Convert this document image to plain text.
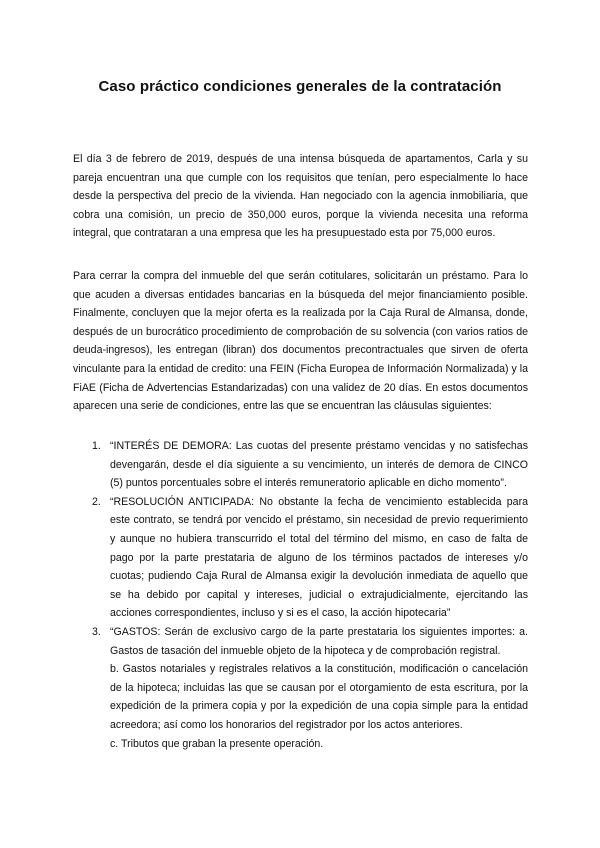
Caso práctico condiciones generales de la contratación

El día 3 de febrero de 2019, después de una intensa búsqueda de apartamentos, Carla y su pareja encuentran una que cumple con los requisitos que tenían, pero especialmente lo hace desde la perspectiva del precio de la vivienda. Han negociado con la agencia inmobiliaria, que cobra una comisión, un precio de 350,000 euros, porque la vivienda necesita una reforma integral, que contrataran a una empresa que les ha presupuestado esta por 75,000 euros.

Para cerrar la compra del inmueble del que serán cotitulares, solicitarán un préstamo. Para lo que acuden a diversas entidades bancarias en la búsqueda del mejor financiamiento posible. Finalmente, concluyen que la mejor oferta es la realizada por la Caja Rural de Almansa, donde, después de un burocrático procedimiento de comprobación de su solvencia (con varios ratios de deuda-ingresos), les entregan (libran) dos documentos precontractuales que sirven de oferta vinculante para la entidad de credito: una FEIN (Ficha Europea de Información Normalizada) y la FiAE (Ficha de Advertencias Estandarizadas) con una validez de 20 días. En estos documentos aparecen una serie de condiciones, entre las que se encuentran las cláusulas siguientes:

1. “INTERÉS DE DEMORA: Las cuotas del presente préstamo vencidas y no satisfechas devengarán, desde el día siguiente a su vencimiento, un interés de demora de CINCO (5) puntos porcentuales sobre el interés remuneratorio aplicable en dicho momento”.
2. “RESOLUCIÓN ANTICIPADA: No obstante la fecha de vencimiento establecida para este contrato, se tendrá por vencido el préstamo, sin necesidad de previo requerimiento y aunque no hubiera transcurrido el total del término del mismo, en caso de falta de pago por la parte prestataria de alguno de los términos pactados de intereses y/o cuotas; pudiendo Caja Rural de Almansa exigir la devolución inmediata de aquello que se ha debido por capital y intereses, judicial o extrajudicialmente, ejercitando las acciones correspondientes, incluso y si es el caso, la acción hipotecaria”
3. “GASTOS: Serán de exclusivo cargo de la parte prestataria los siguientes importes: a. Gastos de tasación del inmueble objeto de la hipoteca y de comprobación registral.
b. Gastos notariales y registrales relativos a la constitución, modificación o cancelación de la hipoteca; incluidas las que se causan por el otorgamiento de esta escritura, por la expedición de la primera copia y por la expedición de una copia simple para la entidad acreedora; así como los honorarios del registrador por los actos anteriores.
c. Tributos que graban la presente operación.
